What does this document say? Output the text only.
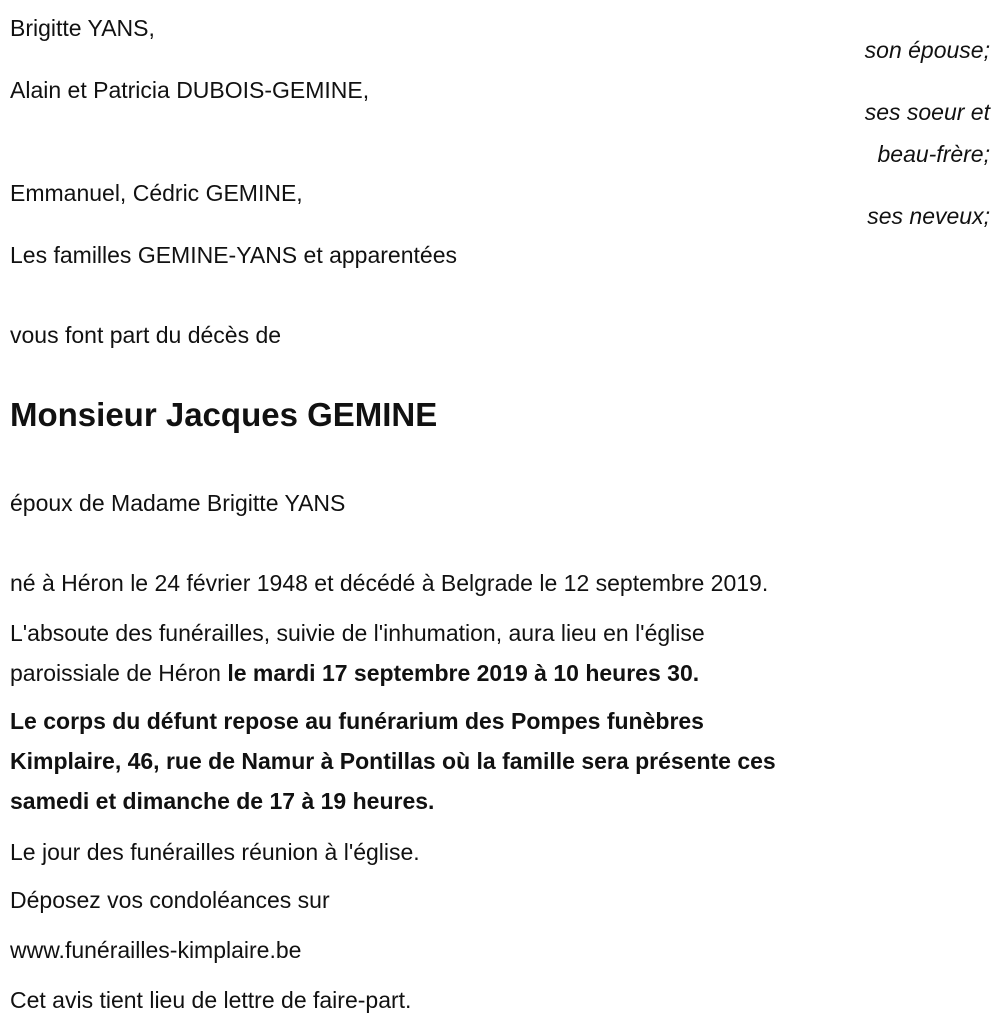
Brigitte YANS,
son épouse;
Alain et Patricia DUBOIS-GEMINE,
ses soeur et
beau-frère;
Emmanuel, Cédric GEMINE,
ses neveux;
Les familles GEMINE-YANS et apparentées
vous font part du décès de
Monsieur Jacques GEMINE
époux de Madame Brigitte YANS
né à Héron le 24 février 1948 et décédé à Belgrade le 12 septembre 2019.
L'absoute des funérailles, suivie de l'inhumation, aura lieu en l'église
paroissiale de Héron le mardi 17 septembre 2019 à 10 heures 30.
Le corps du défunt repose au funérarium des Pompes funèbres
Kimplaire, 46, rue de Namur à Pontillas où la famille sera présente ces
samedi et dimanche de 17 à 19 heures.
Le jour des funérailles réunion à l'église.
Déposez vos condoléances sur
www.funérailles-kimplaire.be
Cet avis tient lieu de lettre de faire-part.
